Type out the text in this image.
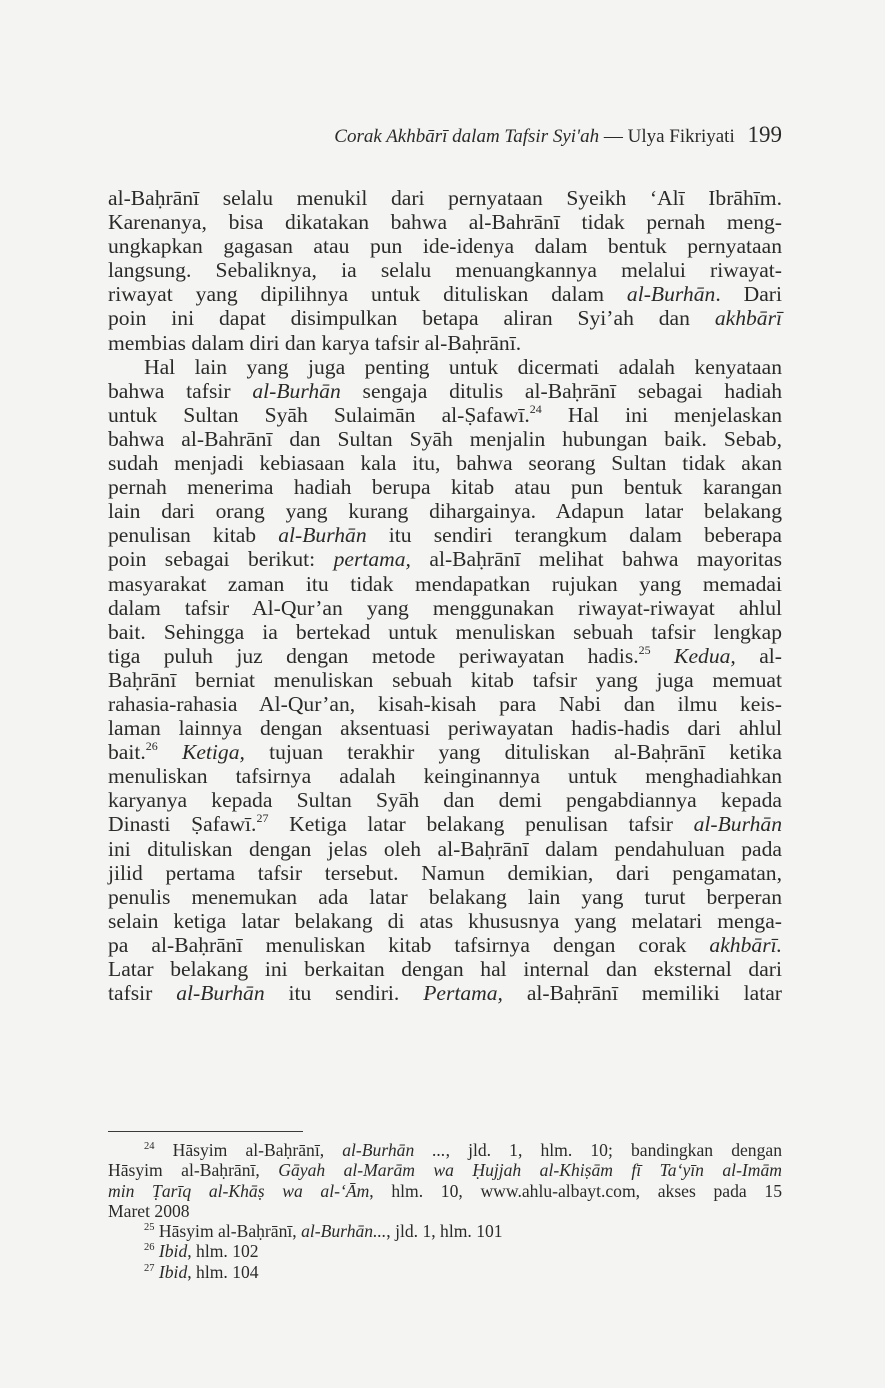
Corak Akhbārī dalam Tafsir Syi'ah — Ulya Fikriyati 199
al-Baḥrānī selalu menukil dari pernyataan Syeikh ‘Alī Ibrāhīm.
Karenanya, bisa dikatakan bahwa al-Bahrānī tidak pernah meng-
ungkapkan gagasan atau pun ide-idenya dalam bentuk pernyataan
langsung. Sebaliknya, ia selalu menuangkannya melalui riwayat-
riwayat yang dipilihnya untuk dituliskan dalam al-Burhān. Dari
poin ini dapat disimpulkan betapa aliran Syi’ah dan akhbārī
membias dalam diri dan karya tafsir al-Baḥrānī.
Hal lain yang juga penting untuk dicermati adalah kenyataan
bahwa tafsir al-Burhān sengaja ditulis al-Baḥrānī sebagai hadiah
untuk Sultan Syāh Sulaimān al-Ṣafawī.$^{24}$ Hal ini menjelaskan
bahwa al-Bahrānī dan Sultan Syāh menjalin hubungan baik. Sebab,
sudah menjadi kebiasaan kala itu, bahwa seorang Sultan tidak akan
pernah menerima hadiah berupa kitab atau pun bentuk karangan
lain dari orang yang kurang dihargainya. Adapun latar belakang
penulisan kitab al-Burhān itu sendiri terangkum dalam beberapa
poin sebagai berikut: pertama, al-Baḥrānī melihat bahwa mayoritas
masyarakat zaman itu tidak mendapatkan rujukan yang memadai
dalam tafsir Al-Qur’an yang menggunakan riwayat-riwayat ahlul
bait. Sehingga ia bertekad untuk menuliskan sebuah tafsir lengkap
tiga puluh juz dengan metode periwayatan hadis.$^{25}$ Kedua, al-
Baḥrānī berniat menuliskan sebuah kitab tafsir yang juga memuat
rahasia-rahasia Al-Qur’an, kisah-kisah para Nabi dan ilmu keis-
laman lainnya dengan aksentuasi periwayatan hadis-hadis dari ahlul
bait.$^{26}$ Ketiga, tujuan terakhir yang dituliskan al-Baḥrānī ketika
menuliskan tafsirnya adalah keinginannya untuk menghadiahkan
karyanya kepada Sultan Syāh dan demi pengabdiannya kepada
Dinasti Ṣafawī.$^{27}$ Ketiga latar belakang penulisan tafsir al-Burhān
ini dituliskan dengan jelas oleh al-Baḥrānī dalam pendahuluan pada
jilid pertama tafsir tersebut. Namun demikian, dari pengamatan,
penulis menemukan ada latar belakang lain yang turut berperan
selain ketiga latar belakang di atas khususnya yang melatari menga-
pa al-Baḥrānī menuliskan kitab tafsirnya dengan corak akhbārī.
Latar belakang ini berkaitan dengan hal internal dan eksternal dari
tafsir al-Burhān itu sendiri. Pertama, al-Baḥrānī memiliki latar
$^{24}$ Hāsyim al-Baḥrānī, al-Burhān ..., jld. 1, hlm. 10; bandingkan dengan
Hāsyim al-Baḥrānī, Gāyah al-Marām wa Ḥujjah al-Khiṣām fī Ta‘yīn al-Imām
min Ṭarīq al-Khāṣ wa al-‘Ām, hlm. 10, www.ahlu-albayt.com, akses pada 15
Maret 2008
$^{25}$ Hāsyim al-Baḥrānī, al-Burhān..., jld. 1, hlm. 101
$^{26}$ Ibid, hlm. 102
$^{27}$ Ibid, hlm. 104
